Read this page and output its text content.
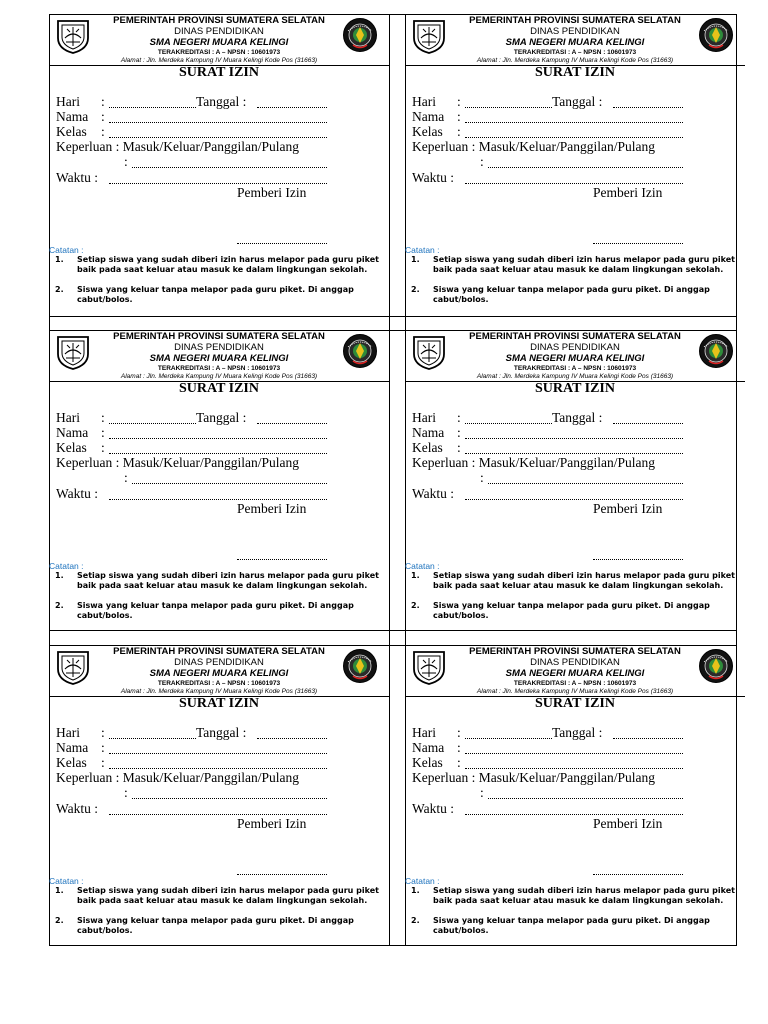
PEMERINTAH PROVINSI SUMATERA SELATAN
DINAS PENDIDIKAN
SMA NEGERI MUARA KELINGI
TERAKREDITASI : A – NPSN : 10601973
Alamat : Jln. Merdeka Kampung IV Muara Kelingi Kode Pos (31663)
SURAT IZIN
Hari :	Tanggal :
Nama :
Kelas :
Keperluan : Masuk/Keluar/Panggilan/Pulang
:
Waktu :
Pemberi Izin
Catatan :
1. Setiap siswa yang sudah diberi izin harus melapor pada guru piket baik pada saat keluar atau masuk ke dalam lingkungan sekolah.
2. Siswa yang keluar tanpa melapor pada guru piket. Di anggap cabut/bolos.
PEMERINTAH PROVINSI SUMATERA SELATAN
DINAS PENDIDIKAN
SMA NEGERI MUARA KELINGI
TERAKREDITASI : A – NPSN : 10601973
Alamat : Jln. Merdeka Kampung IV Muara Kelingi Kode Pos (31663)
SURAT IZIN
Hari :	Tanggal :
Nama :
Kelas :
Keperluan : Masuk/Keluar/Panggilan/Pulang
:
Waktu :
Pemberi Izin
Catatan :
1. Setiap siswa yang sudah diberi izin harus melapor pada guru piket baik pada saat keluar atau masuk ke dalam lingkungan sekolah.
2. Siswa yang keluar tanpa melapor pada guru piket. Di anggap cabut/bolos.
PEMERINTAH PROVINSI SUMATERA SELATAN
DINAS PENDIDIKAN
SMA NEGERI MUARA KELINGI
TERAKREDITASI : A – NPSN : 10601973
Alamat : Jln. Merdeka Kampung IV Muara Kelingi Kode Pos (31663)
SURAT IZIN
Hari :	Tanggal :
Nama :
Kelas :
Keperluan : Masuk/Keluar/Panggilan/Pulang
:
Waktu :
Pemberi Izin
Catatan :
1. Setiap siswa yang sudah diberi izin harus melapor pada guru piket baik pada saat keluar atau masuk ke dalam lingkungan sekolah.
2. Siswa yang keluar tanpa melapor pada guru piket. Di anggap cabut/bolos.
PEMERINTAH PROVINSI SUMATERA SELATAN
DINAS PENDIDIKAN
SMA NEGERI MUARA KELINGI
TERAKREDITASI : A – NPSN : 10601973
Alamat : Jln. Merdeka Kampung IV Muara Kelingi Kode Pos (31663)
SURAT IZIN
Hari :	Tanggal :
Nama :
Kelas :
Keperluan : Masuk/Keluar/Panggilan/Pulang
:
Waktu :
Pemberi Izin
Catatan :
1. Setiap siswa yang sudah diberi izin harus melapor pada guru piket baik pada saat keluar atau masuk ke dalam lingkungan sekolah.
2. Siswa yang keluar tanpa melapor pada guru piket. Di anggap cabut/bolos.
PEMERINTAH PROVINSI SUMATERA SELATAN
DINAS PENDIDIKAN
SMA NEGERI MUARA KELINGI
TERAKREDITASI : A – NPSN : 10601973
Alamat : Jln. Merdeka Kampung IV Muara Kelingi Kode Pos (31663)
SURAT IZIN
Hari :	Tanggal :
Nama :
Kelas :
Keperluan : Masuk/Keluar/Panggilan/Pulang
:
Waktu :
Pemberi Izin
Catatan :
1. Setiap siswa yang sudah diberi izin harus melapor pada guru piket baik pada saat keluar atau masuk ke dalam lingkungan sekolah.
2. Siswa yang keluar tanpa melapor pada guru piket. Di anggap cabut/bolos.
PEMERINTAH PROVINSI SUMATERA SELATAN
DINAS PENDIDIKAN
SMA NEGERI MUARA KELINGI
TERAKREDITASI : A – NPSN : 10601973
Alamat : Jln. Merdeka Kampung IV Muara Kelingi Kode Pos (31663)
SURAT IZIN
Hari :	Tanggal :
Nama :
Kelas :
Keperluan : Masuk/Keluar/Panggilan/Pulang
:
Waktu :
Pemberi Izin
Catatan :
1. Setiap siswa yang sudah diberi izin harus melapor pada guru piket baik pada saat keluar atau masuk ke dalam lingkungan sekolah.
2. Siswa yang keluar tanpa melapor pada guru piket. Di anggap cabut/bolos.
